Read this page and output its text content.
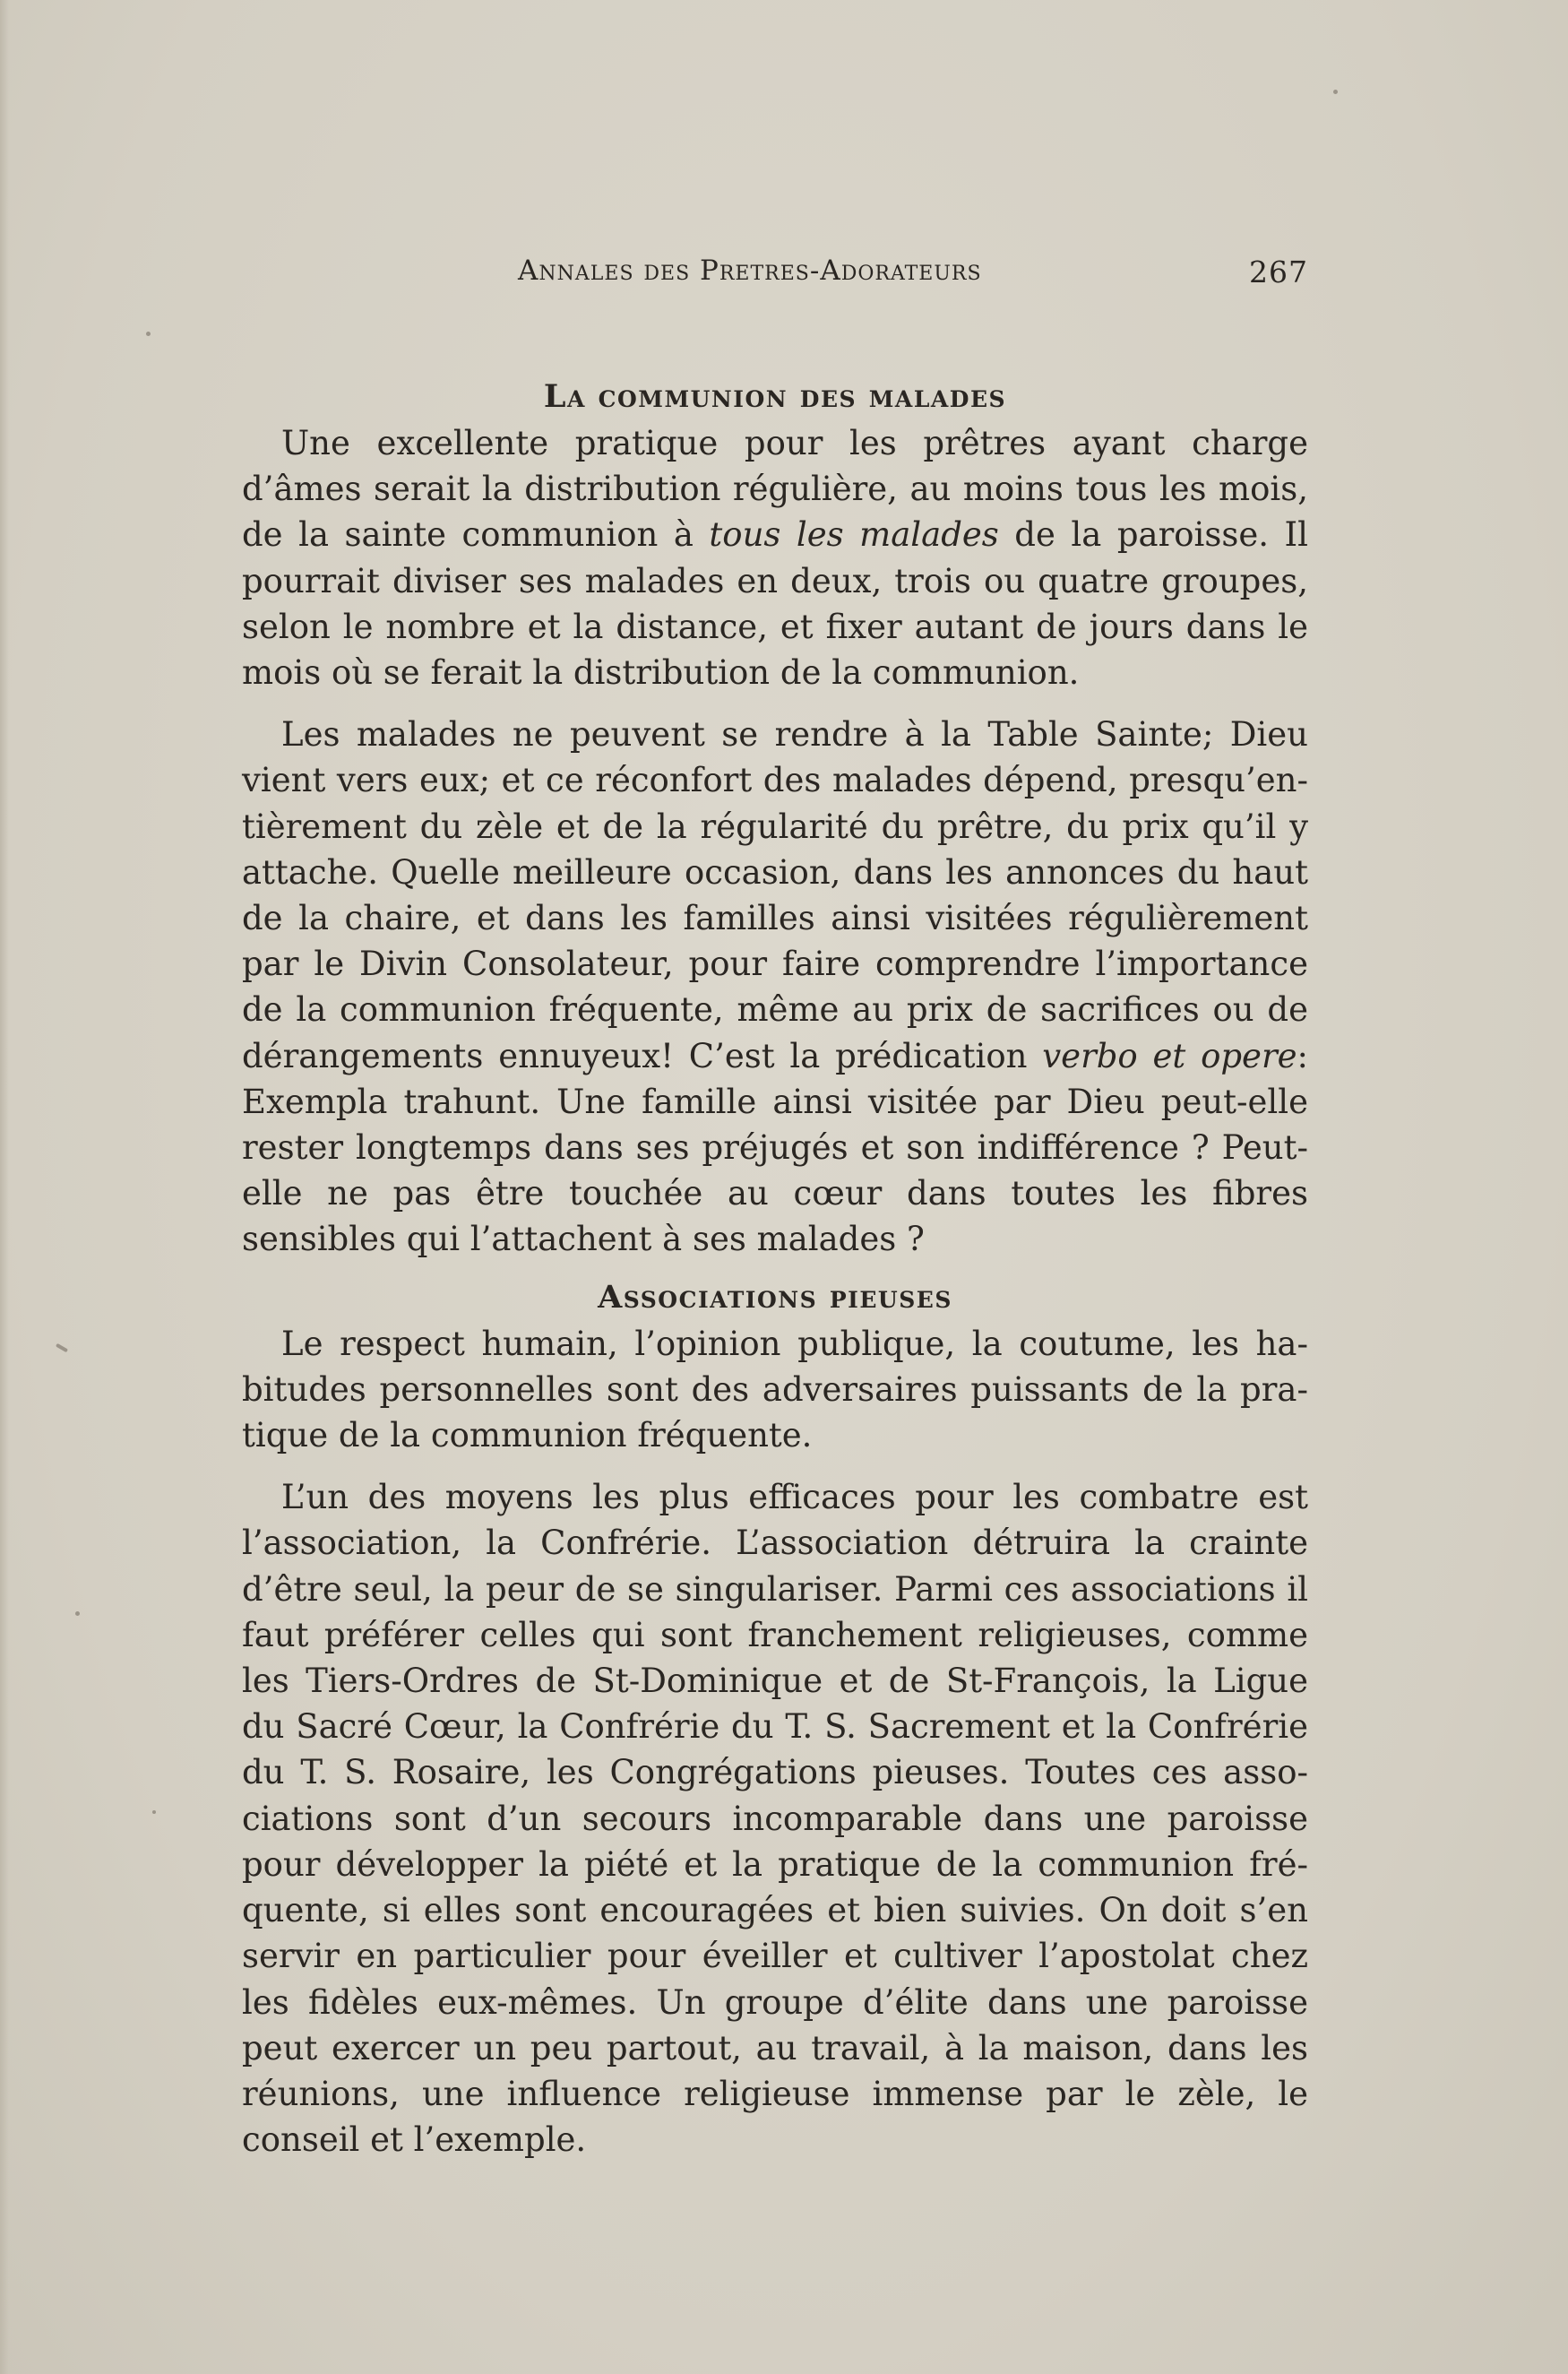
Annales des Pretres-Adorateurs	267
La communion des malades

Une excellente pratique pour les prêtres ayant charge d’âmes serait la distribution régulière, au moins tous les mois, de la sainte communion à tous les malades de la paroisse. Il pourrait diviser ses malades en deux, trois ou quatre groupes, selon le nombre et la distance, et fixer autant de jours dans le mois où se ferait la distribution de la communion.

Les malades ne peuvent se rendre à la Table Sainte; Dieu vient vers eux; et ce réconfort des malades dépend, presqu’entièrement du zèle et de la régularité du prêtre, du prix qu’il y attache. Quelle meilleure occasion, dans les annonces du haut de la chaire, et dans les familles ainsi visitées régulièrement par le Divin Consolateur, pour faire comprendre l’importance de la communion fréquente, même au prix de sacrifices ou de dérangements ennuyeux! C’est la prédication verbo et opere: Exempla trahunt. Une famille ainsi visitée par Dieu peut-elle rester longtemps dans ses préjugés et son indifférence ? Peut-elle ne pas être touchée au cœur dans toutes les fibres sensibles qui l’attachent à ses malades ?

Associations pieuses

Le respect humain, l’opinion publique, la coutume, les habitudes personnelles sont des adversaires puissants de la pratique de la communion fréquente.

L’un des moyens les plus efficaces pour les combatre est l’association, la Confrérie. L’association détruira la crainte d’être seul, la peur de se singulariser. Parmi ces associations il faut préférer celles qui sont franchement religieuses, comme les Tiers-Ordres de St-Dominique et de St-François, la Ligue du Sacré Cœur, la Confrérie du T. S. Sacrement et la Confrérie du T. S. Rosaire, les Congrégations pieuses. Toutes ces associations sont d’un secours incomparable dans une paroisse pour développer la piété et la pratique de la communion fréquente, si elles sont encouragées et bien suivies. On doit s’en servir en particulier pour éveiller et cultiver l’apostolat chez les fidèles eux-mêmes. Un groupe d’élite dans une paroisse peut exercer un peu partout, au travail, à la maison, dans les réunions, une influence religieuse immense par le zèle, le conseil et l’exemple.
